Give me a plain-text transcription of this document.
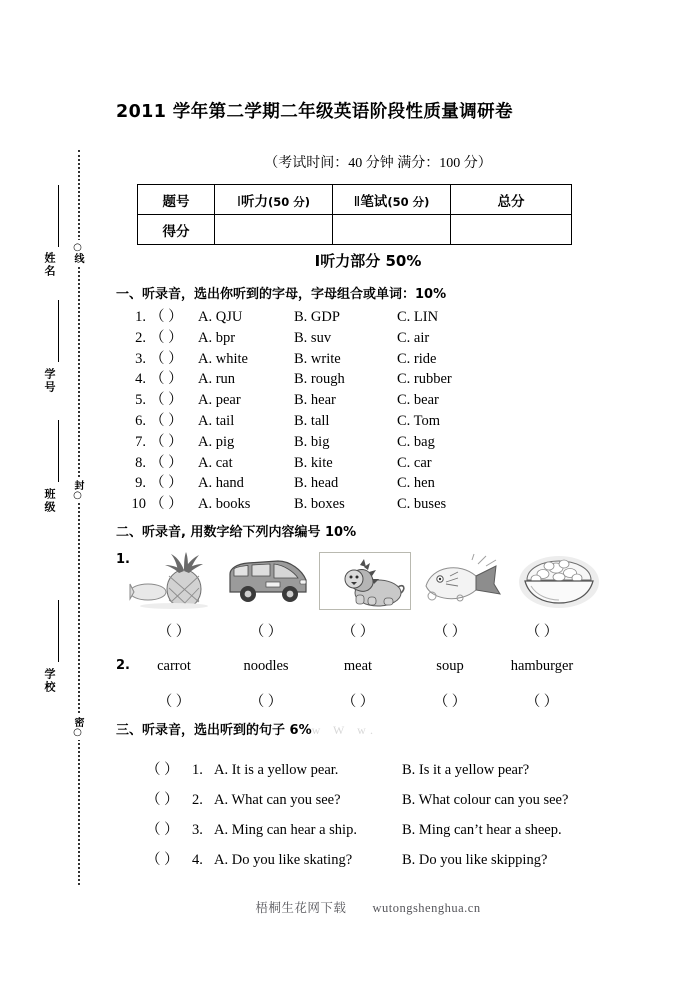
姓名
学号
班级
学校
○线
封○
密○
2011 学年第二学期二年级英语阶段性质量调研卷
（考试时间：40 分钟 满分：100 分）
题号	Ⅰ听力(50 分)	Ⅱ笔试(50 分)	总分
得分			
Ⅰ听力部分 50%
一、听录音，选出你听到的字母，字母组合或单词：10%
1. （ ）	A. QJU	B. GDP	C. LIN
2. （ ）	A. bpr	B. suv	C. air
3. （ ）	A. white	B. write	C. ride
4. （ ）	A. run	B. rough	C. rubber
5. （ ）	A. pear	B. hear	C. bear
6. （ ）	A. tail	B. tall	C. Tom
7. （ ）	A. pig	B. big	C. bag
8. （ ）	A. cat	B. kite	C. car
9. （ ）	A. hand	B. head	C. hen
10 （ ）	A. books	B. boxes	C. buses
二、听录音, 用数字给下列内容编号 10%
1.
（ ）	（ ）	（ ）	（ ）	（ ）
2.	carrot	noodles	meat	soup	hamburger
（ ）	（ ）	（ ）	（ ）	（ ）
三、听录音，选出听到的句子 6%w W w.
（ ） 1. A. It is a yellow pear.	B. Is it a yellow pear?
（ ） 2. A. What can you see?	B. What colour can you see?
（ ） 3. A. Ming can hear a ship.	B. Ming can’t hear a sheep.
（ ） 4. A. Do you like skating?	B. Do you like skipping?
梧桐生花网下载 wutongshenghua.cn
